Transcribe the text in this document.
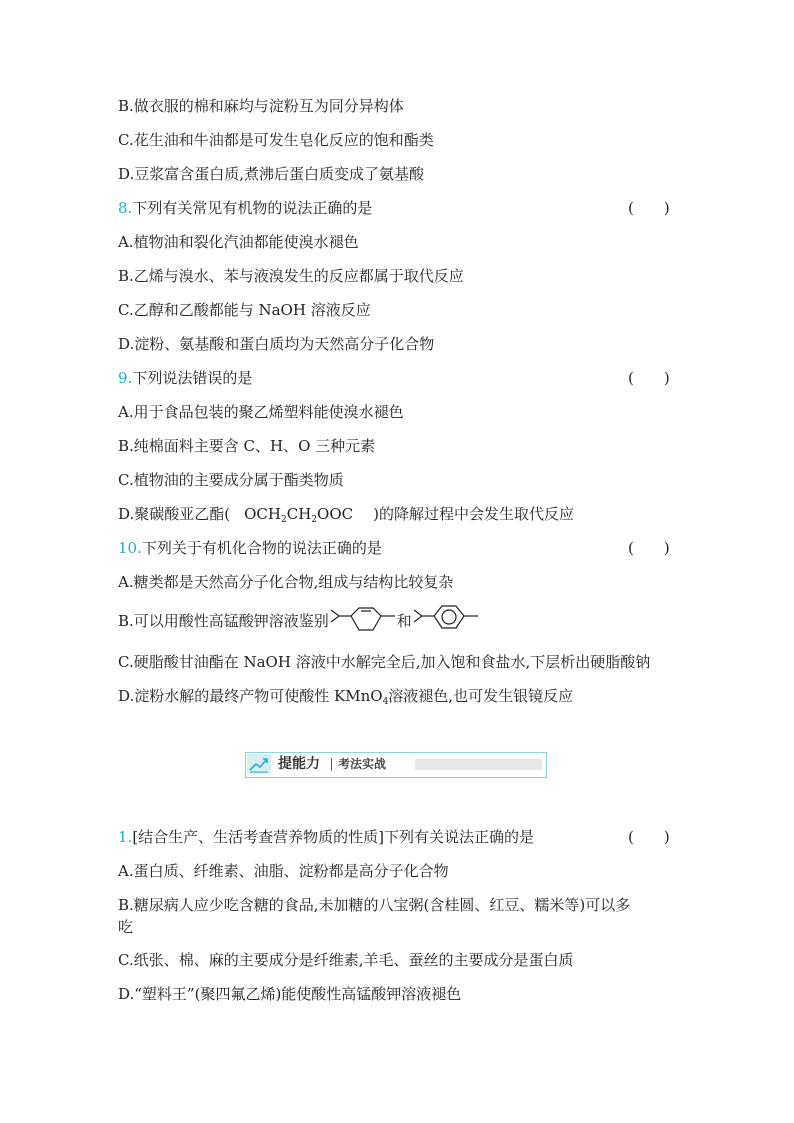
B.做衣服的棉和麻均与淀粉互为同分异构体
C.花生油和牛油都是可发生皂化反应的饱和酯类
D.豆浆富含蛋白质,煮沸后蛋白质变成了氨基酸
8.下列有关常见有机物的说法正确的是	(　　)
A.植物油和裂化汽油都能使溴水褪色
B.乙烯与溴水、苯与液溴发生的反应都属于取代反应
C.乙醇和乙酸都能与 NaOH 溶液反应
D.淀粉、氨基酸和蛋白质均为天然高分子化合物
9.下列说法错误的是	(　　)
A.用于食品包装的聚乙烯塑料能使溴水褪色
B.纯棉面料主要含 C、H、O 三种元素
C.植物油的主要成分属于酯类物质
D.聚碳酸亚乙酯( $OCH_2CH_2OOC$ )的降解过程中会发生取代反应
10.下列关于有机化合物的说法正确的是	(　　)
A.糖类都是天然高分子化合物,组成与结构比较复杂
B.可以用酸性高锰酸钾溶液鉴别	和
C.硬脂酸甘油酯在 NaOH 溶液中水解完全后,加入饱和食盐水,下层析出硬脂酸钠
D.淀粉水解的最终产物可使酸性 KMnO$_4$溶液褪色,也可发生银镜反应
提能力 考法实战
1.[结合生产、生活考查营养物质的性质]下列有关说法正确的是	(　　)
A.蛋白质、纤维素、油脂、淀粉都是高分子化合物
B.糖尿病人应少吃含糖的食品,未加糖的八宝粥(含桂圆、红豆、糯米等)可以多
吃
C.纸张、棉、麻的主要成分是纤维素,羊毛、蚕丝的主要成分是蛋白质
D.“塑料王”(聚四氟乙烯)能使酸性高锰酸钾溶液褪色
